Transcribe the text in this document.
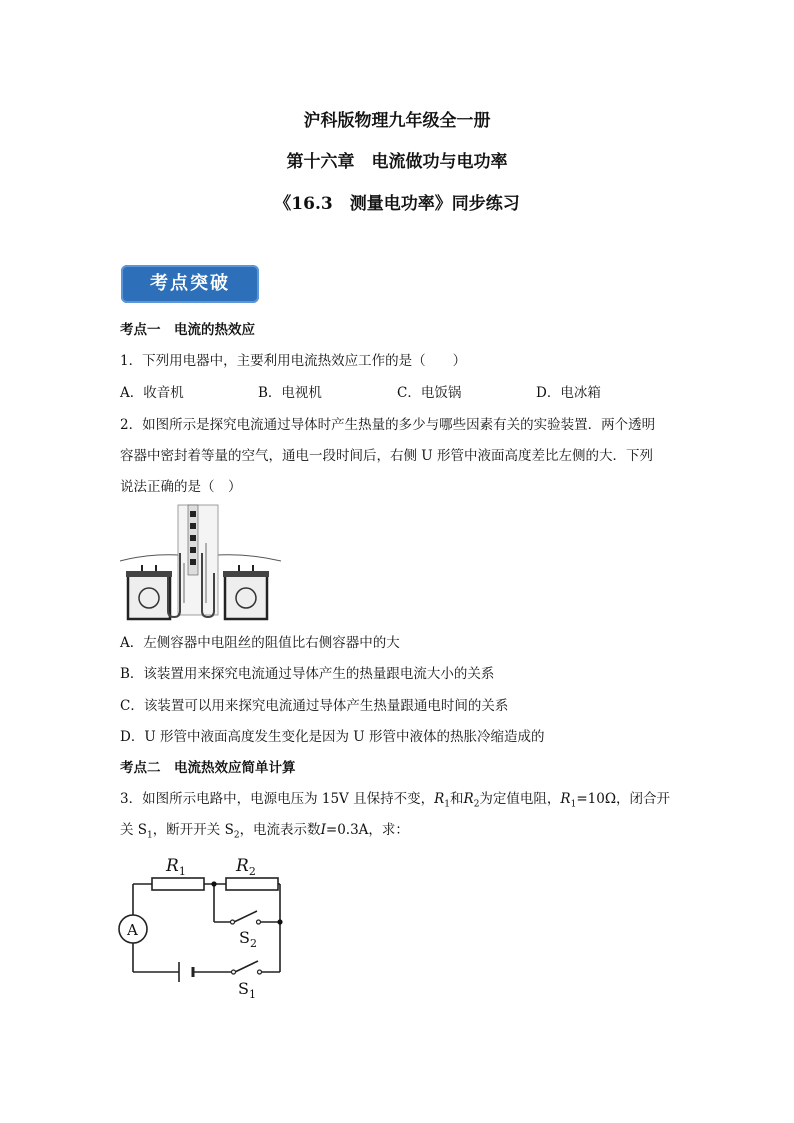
沪科版物理九年级全一册
第十六章　电流做功与电功率
《16.3　测量电功率》同步练习
考点突破
考点一　电流的热效应
1．下列用电器中，主要利用电流热效应工作的是（　　）
A．收音机	B．电视机	C．电饭锅	D．电冰箱
2．如图所示是探究电流通过导体时产生热量的多少与哪些因素有关的实验装置．两个透明
容器中密封着等量的空气，通电一段时间后，右侧 U 形管中液面高度差比左侧的大．下列
说法正确的是（　）
A．左侧容器中电阻丝的阻值比右侧容器中的大
B．该装置用来探究电流通过导体产生的热量跟电流大小的关系
C．该装置可以用来探究电流通过导体产生热量跟通电时间的关系
D．U 形管中液面高度发生变化是因为 U 形管中液体的热胀冷缩造成的
考点二　电流热效应简单计算
3．如图所示电路中，电源电压为 15V 且保持不变，$R_1$和$R_2$为定值电阻，$R_1=10\Omega$，闭合开
关 $S_1$，断开开关 $S_2$，电流表示数I=0.3A，求：
$R_1$	$R_2$
A	$S_2$
$S_1$
